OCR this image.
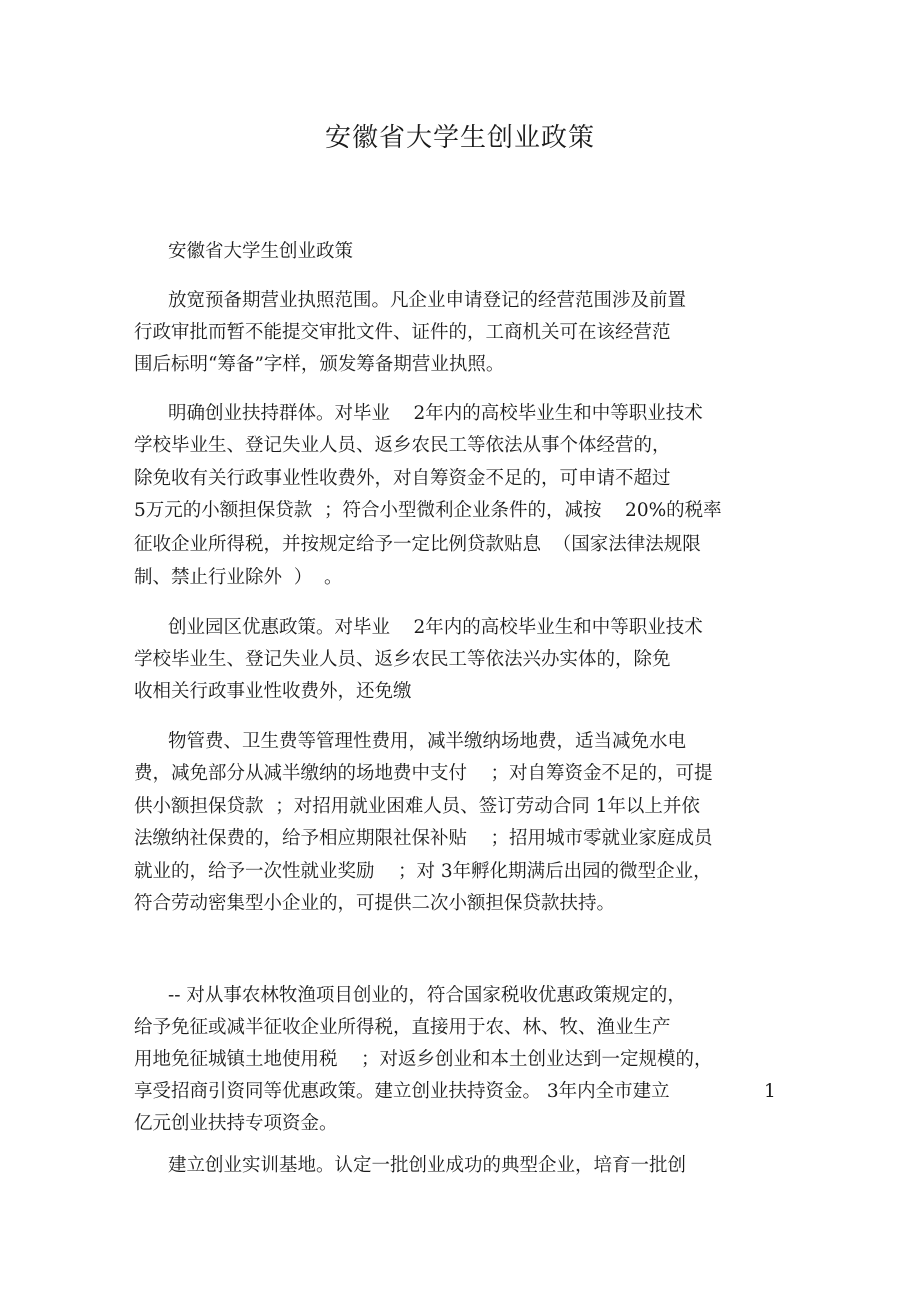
安徽省大学生创业政策
安徽省大学生创业政策
放宽预备期营业执照范围。凡企业申请登记的经营范围涉及前置
行政审批而暂不能提交审批文件、证件的，工商机关可在该经营范
围后标明“筹备”字样，颁发筹备期营业执照。
明确创业扶持群体。对毕业    2年内的高校毕业生和中等职业技术
学校毕业生、登记失业人员、返乡农民工等依法从事个体经营的，
除免收有关行政事业性收费外，对自筹资金不足的，可申请不超过
5万元的小额担保贷款  ；符合小型微利企业条件的，减按    20%的税率
征收企业所得税，并按规定给予一定比例贷款贴息  （国家法律法规限
制、禁止行业除外  ）  。
创业园区优惠政策。对毕业    2年内的高校毕业生和中等职业技术
学校毕业生、登记失业人员、返乡农民工等依法兴办实体的，除免
收相关行政事业性收费外，还免缴
物管费、卫生费等管理性费用，减半缴纳场地费，适当减免水电
费，减免部分从减半缴纳的场地费中支付    ；对自筹资金不足的，可提
供小额担保贷款  ；对招用就业困难人员、签订劳动合同 1年以上并依
法缴纳社保费的，给予相应期限社保补贴    ；招用城市零就业家庭成员
就业的，给予一次性就业奖励    ；对 3年孵化期满后出园的微型企业，
符合劳动密集型小企业的，可提供二次小额担保贷款扶持。
-- 对从事农林牧渔项目创业的，符合国家税收优惠政策规定的，
给予免征或减半征收企业所得税，直接用于农、林、牧、渔业生产
用地免征城镇土地使用税    ；对返乡创业和本土创业达到一定规模的，
享受招商引资同等优惠政策。建立创业扶持资金。 3年内全市建立	1
亿元创业扶持专项资金。
建立创业实训基地。认定一批创业成功的典型企业，培育一批创
